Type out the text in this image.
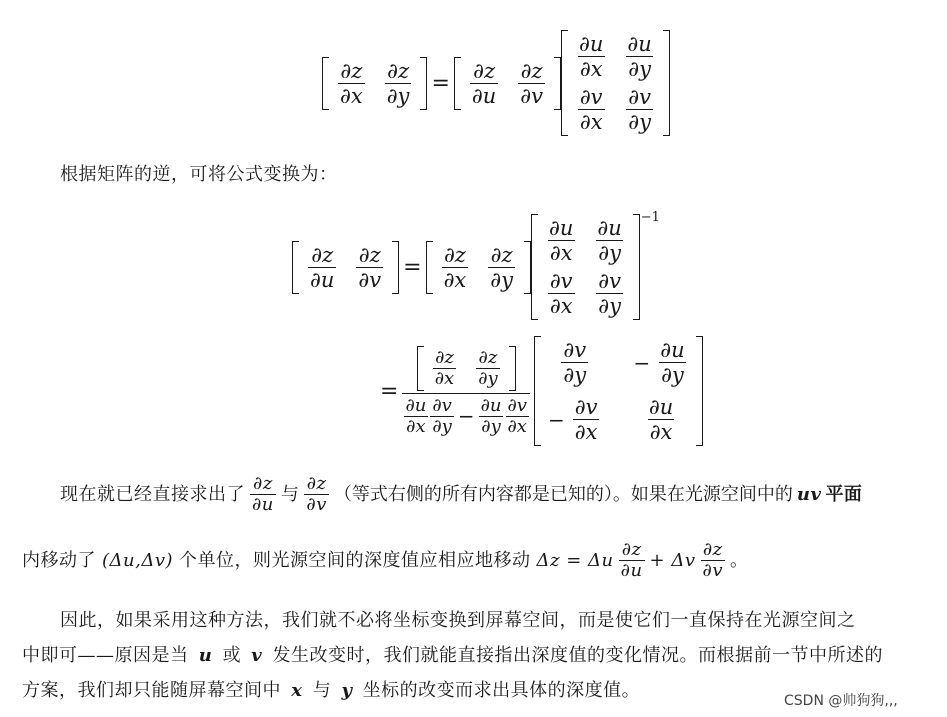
$\frac{\partial z}{\partial x} \frac{\partial z}{\partial y} = \frac{\partial z}{\partial u} \frac{\partial z}{\partial v}$
$\frac{\partial u}{\partial x} \frac{\partial u}{\partial y}$
$\frac{\partial v}{\partial x} \frac{\partial v}{\partial y}$
根据矩阵的逆，可将公式变换为：
$\frac{\partial z}{\partial u} \frac{\partial z}{\partial v} = \frac{\partial z}{\partial x} \frac{\partial z}{\partial y}$
$\frac{\partial u}{\partial x} \frac{\partial u}{\partial y}$
$\frac{\partial v}{\partial x} \frac{\partial v}{\partial y}$
−1
= $\frac{\frac{\partial z}{\partial x} \frac{\partial z}{\partial y}}{\frac{\partial u}{\partial x} \frac{\partial v}{\partial y} - \frac{\partial u}{\partial y} \frac{\partial v}{\partial x}} \frac{\partial v}{\partial y} - \frac{\partial u}{\partial y}$
− $\frac{\partial v}{\partial x} \frac{\partial u}{\partial x}$
现在就已经直接求出了 $\frac{\partial z}{\partial u}$ 与 $\frac{\partial z}{\partial v}$ （等式右侧的所有内容都是已知的）。如果在光源空间中的 uv 平面
内移动了 (Δu,Δv) 个单位，则光源空间的深度值应相应地移动 Δz = Δu $\frac{\partial z}{\partial u} + \Delta v \frac{\partial z}{\partial v}$ 。
因此，如果采用这种方法，我们就不必将坐标变换到屏幕空间，而是使它们一直保持在光源空间之
中即可——原因是当 u 或 v 发生改变时，我们就能直接指出深度值的变化情况。而根据前一节中所述的
方案，我们却只能随屏幕空间中 x 与 y 坐标的改变而求出具体的深度值。	CSDN @帅狗狗,,,
